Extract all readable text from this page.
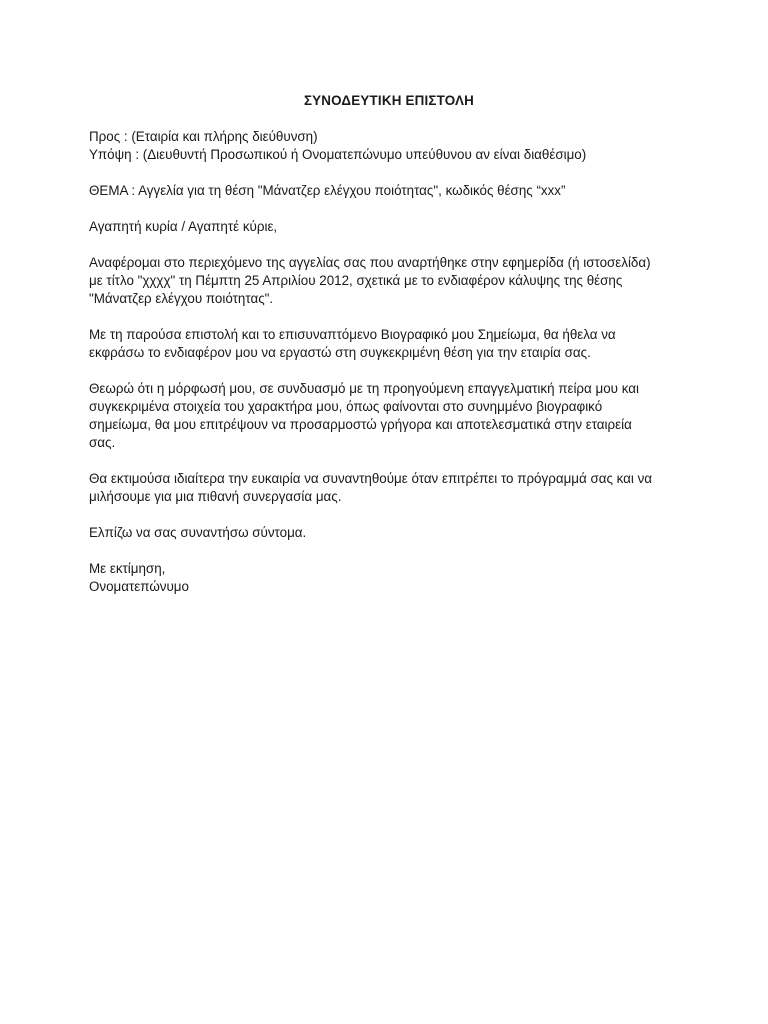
ΣΥΝΟΔΕΥΤΙΚΗ ΕΠΙΣΤΟΛΗ
Προς : (Εταιρία και πλήρης διεύθυνση)
Υπόψη : (Διευθυντή Προσωπικού ή Ονοματεπώνυμο υπεύθυνου αν είναι διαθέσιμο)
ΘΕΜΑ : Αγγελία για τη θέση "Μάνατζερ ελέγχου ποιότητας", κωδικός θέσης “xxx”
Αγαπητή κυρία / Αγαπητέ κύριε,
Αναφέρομαι στο περιεχόμενο της αγγελίας σας που αναρτήθηκε στην εφημερίδα (ή ιστοσελίδα)
με τίτλο "χχχχ" τη Πέμπτη 25 Απριλίου 2012, σχετικά με το ενδιαφέρον κάλυψης της θέσης
"Μάνατζερ ελέγχου ποιότητας".
Με τη παρούσα επιστολή και το επισυναπτόμενο Βιογραφικό μου Σημείωμα, θα ήθελα να
εκφράσω το ενδιαφέρον μου να εργαστώ στη συγκεκριμένη θέση για την εταιρία σας.
Θεωρώ ότι η μόρφωσή μου, σε συνδυασμό με τη προηγούμενη επαγγελματική πείρα μου και
συγκεκριμένα στοιχεία του χαρακτήρα μου, όπως φαίνονται στο συνημμένο βιογραφικό
σημείωμα, θα μου επιτρέψουν να προσαρμοστώ γρήγορα και αποτελεσματικά στην εταιρεία
σας.
Θα εκτιμούσα ιδιαίτερα την ευκαιρία να συναντηθούμε όταν επιτρέπει το πρόγραμμά σας και να
μιλήσουμε για μια πιθανή συνεργασία μας.
Ελπίζω να σας συναντήσω σύντομα.
Με εκτίμηση,
Ονοματεπώνυμο
